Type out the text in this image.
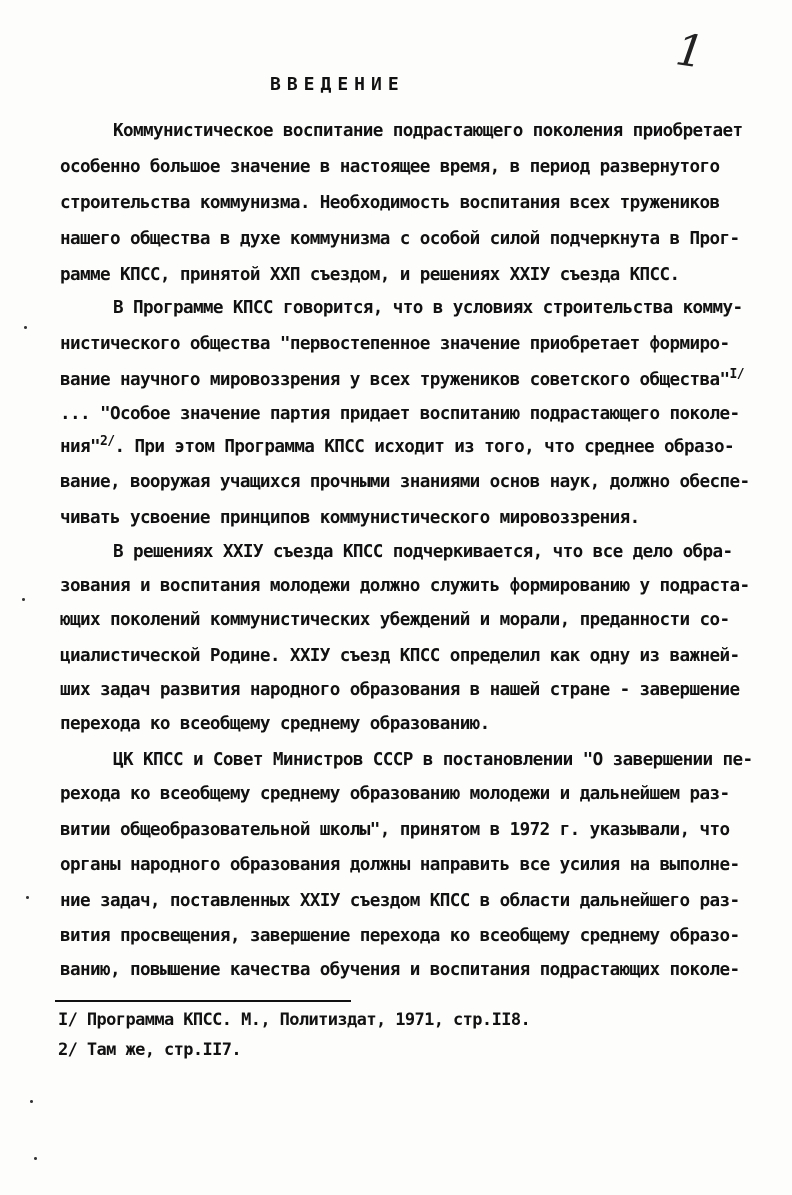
1
ВВЕДЕНИЕ
Коммунистическое воспитание подрастающего поколения приобретает
особенно большое значение в настоящее время, в период развернутого
строительства коммунизма. Необходимость воспитания всех тружеников
нашего общества в духе коммунизма с особой силой подчеркнута в Прог-
рамме КПСС, принятой ХХП съездом, и решениях ХХIУ съезда КПСС.
В Программе КПСС говорится, что в условиях строительства комму-
нистического общества "первостепенное значение приобретает формиро-
вание научного мировоззрения у всех тружеников советского общества"$^{I/}$
... "Особое значение партия придает воспитанию подрастающего поколе-
ния"$^{2/}$. При этом Программа КПСС исходит из того, что среднее образо-
вание, вооружая учащихся прочными знаниями основ наук, должно обеспе-
чивать усвоение принципов коммунистического мировоззрения.
В решениях ХХIУ съезда КПСС подчеркивается, что все дело обра-
зования и воспитания молодежи должно служить формированию у подраста-
ющих поколений коммунистических убеждений и морали, преданности со-
циалистической Родине. ХХIУ съезд КПСС определил как одну из важней-
ших задач развития народного образования в нашей стране - завершение
перехода ко всеобщему среднему образованию.
ЦК КПСС и Совет Министров СССР в постановлении "О завершении пе-
рехода ко всеобщему среднему образованию молодежи и дальнейшем раз-
витии общеобразовательной школы", принятом в 1972 г. указывали, что
органы народного образования должны направить все усилия на выполне-
ние задач, поставленных ХХIУ съездом КПСС в области дальнейшего раз-
вития просвещения, завершение перехода ко всеобщему среднему образо-
ванию, повышение качества обучения и воспитания подрастающих поколе-
I/ Программа КПСС. М., Политиздат, 1971, стр.II8.
2/ Там же, стр.II7.
